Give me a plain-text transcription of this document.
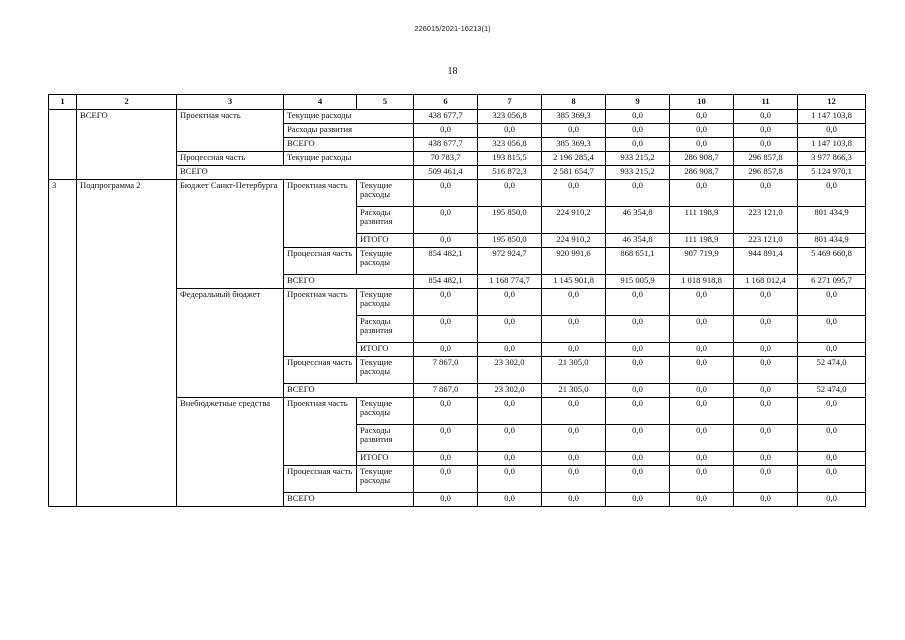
226015/2021-16213(1)
18
1	2	3	4	5	6	7	8	9	10	11	12
	ВСЕГО	Проектная часть	Текущие расходы		438 677,7	323 056,8	385 369,3	0,0	0,0	0,0	1 147 103,8
			Расходы развития		0,0	0,0	0,0	0,0	0,0	0,0	0,0
			ВСЕГО		438 677,7	323 056,8	385 369,3	0,0	0,0	0,0	1 147 103,8
		Процессная часть	Текущие расходы		70 783,7	193 815,5	2 196 285,4	933 215,2	286 908,7	296 857,8	3 977 866,3
		ВСЕГО			509 461,4	516 872,3	2 581 654,7	933 215,2	286 908,7	296 857,8	5 124 970,1
3	Подпрограмма 2	Бюджет Санкт-Петербурга	Проектная часть	Текущие расходы	0,0	0,0	0,0	0,0	0,0	0,0	0,0
				Расходы развития	0,0	195 850,0	224 910,2	46 354,8	111 198,9	223 121,0	801 434,9
				ИТОГО	0,0	195 850,0	224 910,2	46 354,8	111 198,9	223 121,0	801 434,9
			Процессная часть	Текущие расходы	854 482,1	972 924,7	920 991,6	868 651,1	907 719,9	944 891,4	5 469 660,8
			ВСЕГО		854 482,1	1 168 774,7	1 145 901,8	915 005,9	1 018 918,8	1 168 012,4	6 271 095,7
		Федеральный бюджет	Проектная часть	Текущие расходы	0,0	0,0	0,0	0,0	0,0	0,0	0,0
				Расходы развития	0,0	0,0	0,0	0,0	0,0	0,0	0,0
				ИТОГО	0,0	0,0	0,0	0,0	0,0	0,0	0,0
			Процессная часть	Текущие расходы	7 867,0	23 302,0	21 305,0	0,0	0,0	0,0	52 474,0
			ВСЕГО		7 867,0	23 302,0	21 305,0	0,0	0,0	0,0	52 474,0
		Внебюджетные средства	Проектная часть	Текущие расходы	0,0	0,0	0,0	0,0	0,0	0,0	0,0
				Расходы развития	0,0	0,0	0,0	0,0	0,0	0,0	0,0
				ИТОГО	0,0	0,0	0,0	0,0	0,0	0,0	0,0
			Процессная часть	Текущие расходы	0,0	0,0	0,0	0,0	0,0	0,0	0,0
			ВСЕГО		0,0	0,0	0,0	0,0	0,0	0,0	0,0
